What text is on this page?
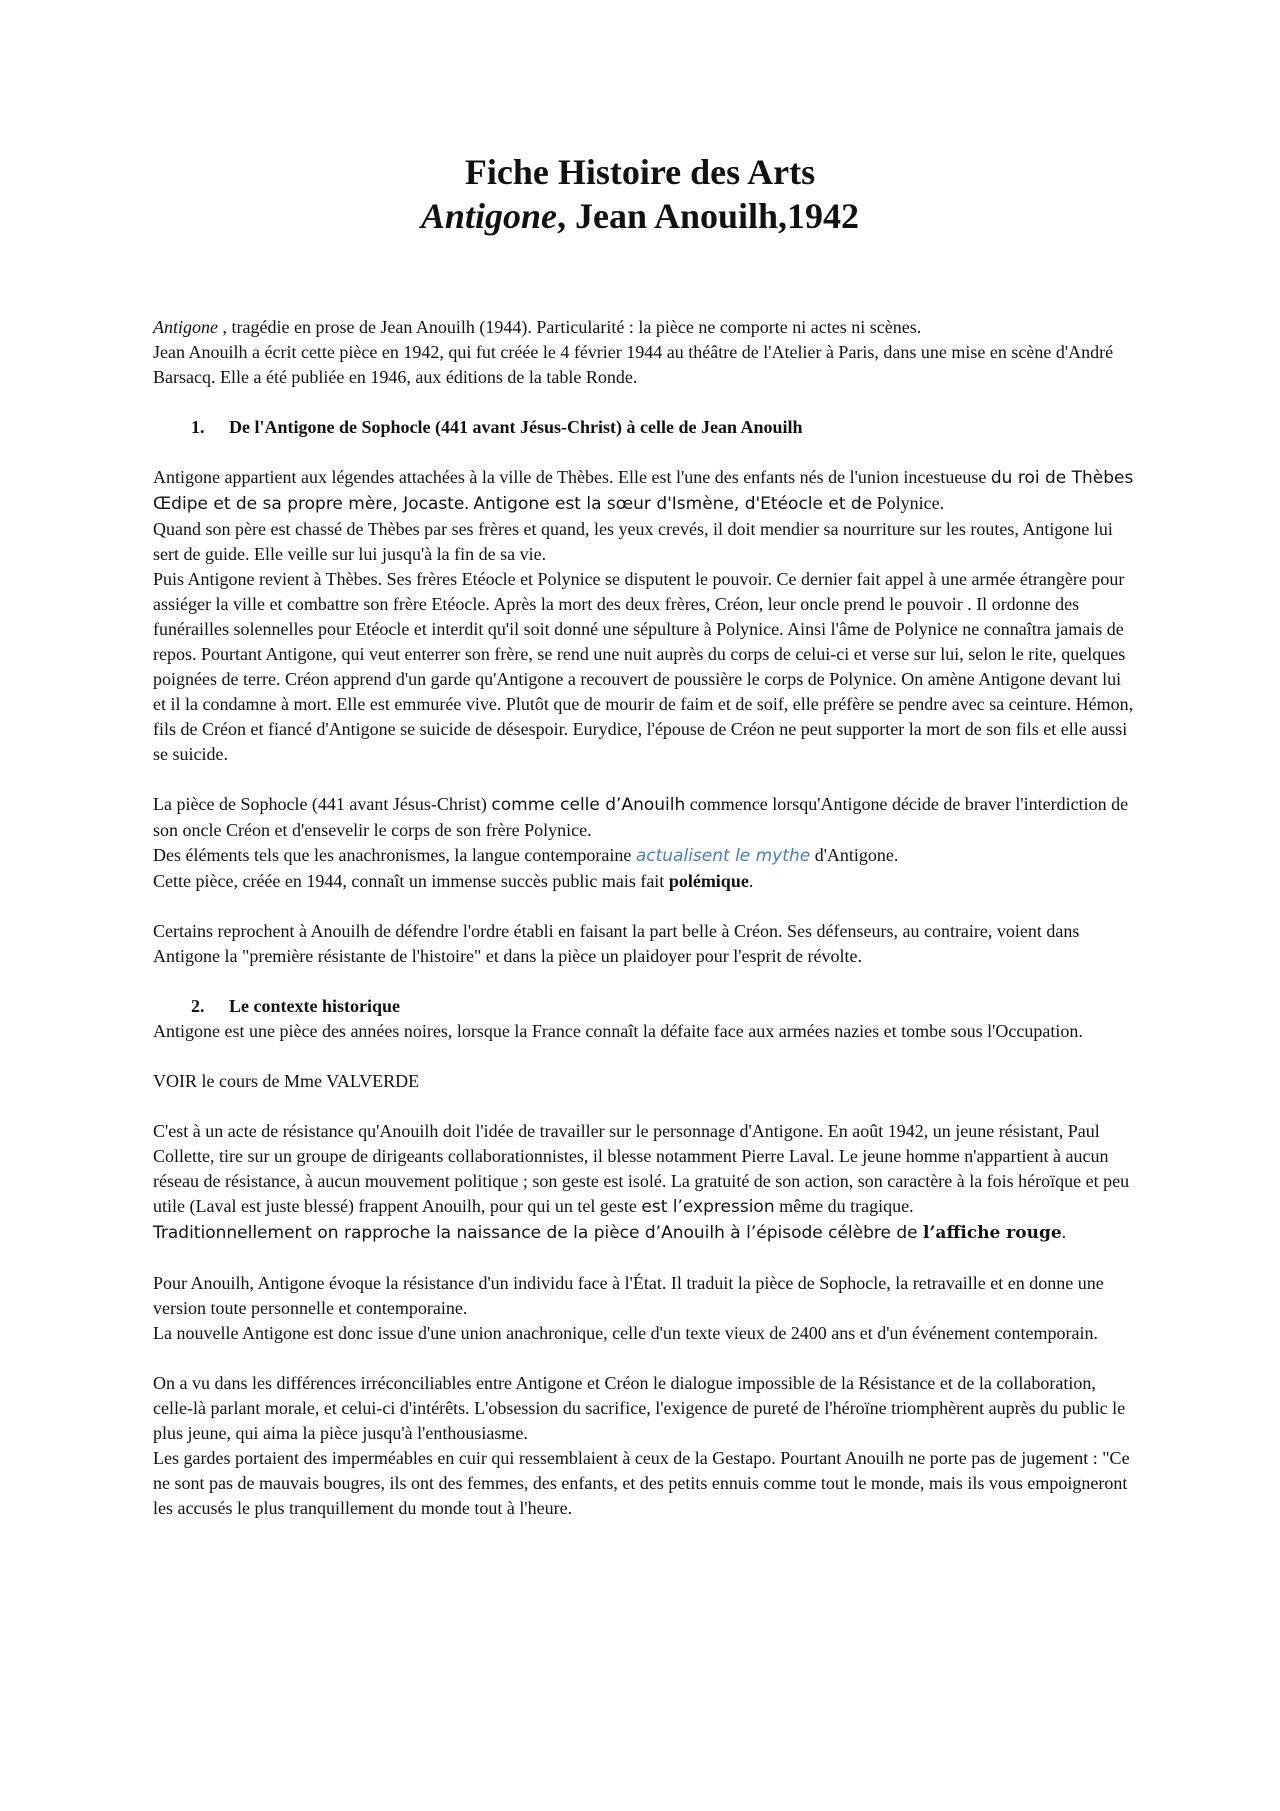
Fiche Histoire des Arts
Antigone, Jean Anouilh,1942

Antigone , tragédie en prose de Jean Anouilh (1944). Particularité : la pièce ne comporte ni actes ni scènes.
Jean Anouilh a écrit cette pièce en 1942, qui fut créée le 4 février 1944 au théâtre de l'Atelier à Paris, dans une mise en scène d'André Barsacq. Elle a été publiée en 1946, aux éditions de la table Ronde.

1. De l'Antigone de Sophocle (441 avant Jésus-Christ) à celle de Jean Anouilh

Antigone appartient aux légendes attachées à la ville de Thèbes. Elle est l'une des enfants nés de l'union incestueuse du roi de Thèbes Œdipe et de sa propre mère, Jocaste. Antigone est la sœur d'Ismène, d'Etéocle et de Polynice.

Quand son père est chassé de Thèbes par ses frères et quand, les yeux crevés, il doit mendier sa nourriture sur les routes, Antigone lui sert de guide. Elle veille sur lui jusqu'à la fin de sa vie.

Puis Antigone revient à Thèbes. Ses frères Etéocle et Polynice se disputent le pouvoir. Ce dernier fait appel à une armée étrangère pour assiéger la ville et combattre son frère Etéocle. Après la mort des deux frères, Créon, leur oncle prend le pouvoir . Il ordonne des funérailles solennelles pour Etéocle et interdit qu'il soit donné une sépulture à Polynice. Ainsi l'âme de Polynice ne connaîtra jamais de repos. Pourtant Antigone, qui veut enterrer son frère, se rend une nuit auprès du corps de celui-ci et verse sur lui, selon le rite, quelques poignées de terre. Créon apprend d'un garde qu'Antigone a recouvert de poussière le corps de Polynice. On amène Antigone devant lui et il la condamne à mort. Elle est emmurée vive. Plutôt que de mourir de faim et de soif, elle préfère se pendre avec sa ceinture. Hémon, fils de Créon et fiancé d'Antigone se suicide de désespoir. Eurydice, l'épouse de Créon ne peut supporter la mort de son fils et elle aussi se suicide.

La pièce de Sophocle (441 avant Jésus-Christ) comme celle d’Anouilh commence lorsqu'Antigone décide de braver l'interdiction de son oncle Créon et d'ensevelir le corps de son frère Polynice.

Des éléments tels que les anachronismes, la langue contemporaine actualisent le mythe d'Antigone.

Cette pièce, créée en 1944, connaît un immense succès public mais fait polémique.

Certains reprochent à Anouilh de défendre l'ordre établi en faisant la part belle à Créon. Ses défenseurs, au contraire, voient dans Antigone la "première résistante de l'histoire" et dans la pièce un plaidoyer pour l'esprit de révolte.

2. Le contexte historique

Antigone est une pièce des années noires, lorsque la France connaît la défaite face aux armées nazies et tombe sous l'Occupation.

VOIR le cours de Mme VALVERDE

C'est à un acte de résistance qu'Anouilh doit l'idée de travailler sur le personnage d'Antigone. En août 1942, un jeune résistant, Paul Collette, tire sur un groupe de dirigeants collaborationnistes, il blesse notamment Pierre Laval. Le jeune homme n'appartient à aucun réseau de résistance, à aucun mouvement politique ; son geste est isolé. La gratuité de son action, son caractère à la fois héroïque et peu utile (Laval est juste blessé) frappent Anouilh, pour qui un tel geste est l’expression même du tragique.

Traditionnellement on rapproche la naissance de la pièce d’Anouilh à l’épisode célèbre de l’affiche rouge.

Pour Anouilh, Antigone évoque la résistance d'un individu face à l'État. Il traduit la pièce de Sophocle, la retravaille et en donne une version toute personnelle et contemporaine.

La nouvelle Antigone est donc issue d'une union anachronique, celle d'un texte vieux de 2400 ans et d'un événement contemporain.

On a vu dans les différences irréconciliables entre Antigone et Créon le dialogue impossible de la Résistance et de la collaboration, celle-là parlant morale, et celui-ci d'intérêts. L'obsession du sacrifice, l'exigence de pureté de l'héroïne triomphèrent auprès du public le plus jeune, qui aima la pièce jusqu'à l'enthousiasme.

Les gardes portaient des imperméables en cuir qui ressemblaient à ceux de la Gestapo. Pourtant Anouilh ne porte pas de jugement : "Ce ne sont pas de mauvais bougres, ils ont des femmes, des enfants, et des petits ennuis comme tout le monde, mais ils vous empoigneront les accusés le plus tranquillement du monde tout à l'heure.
